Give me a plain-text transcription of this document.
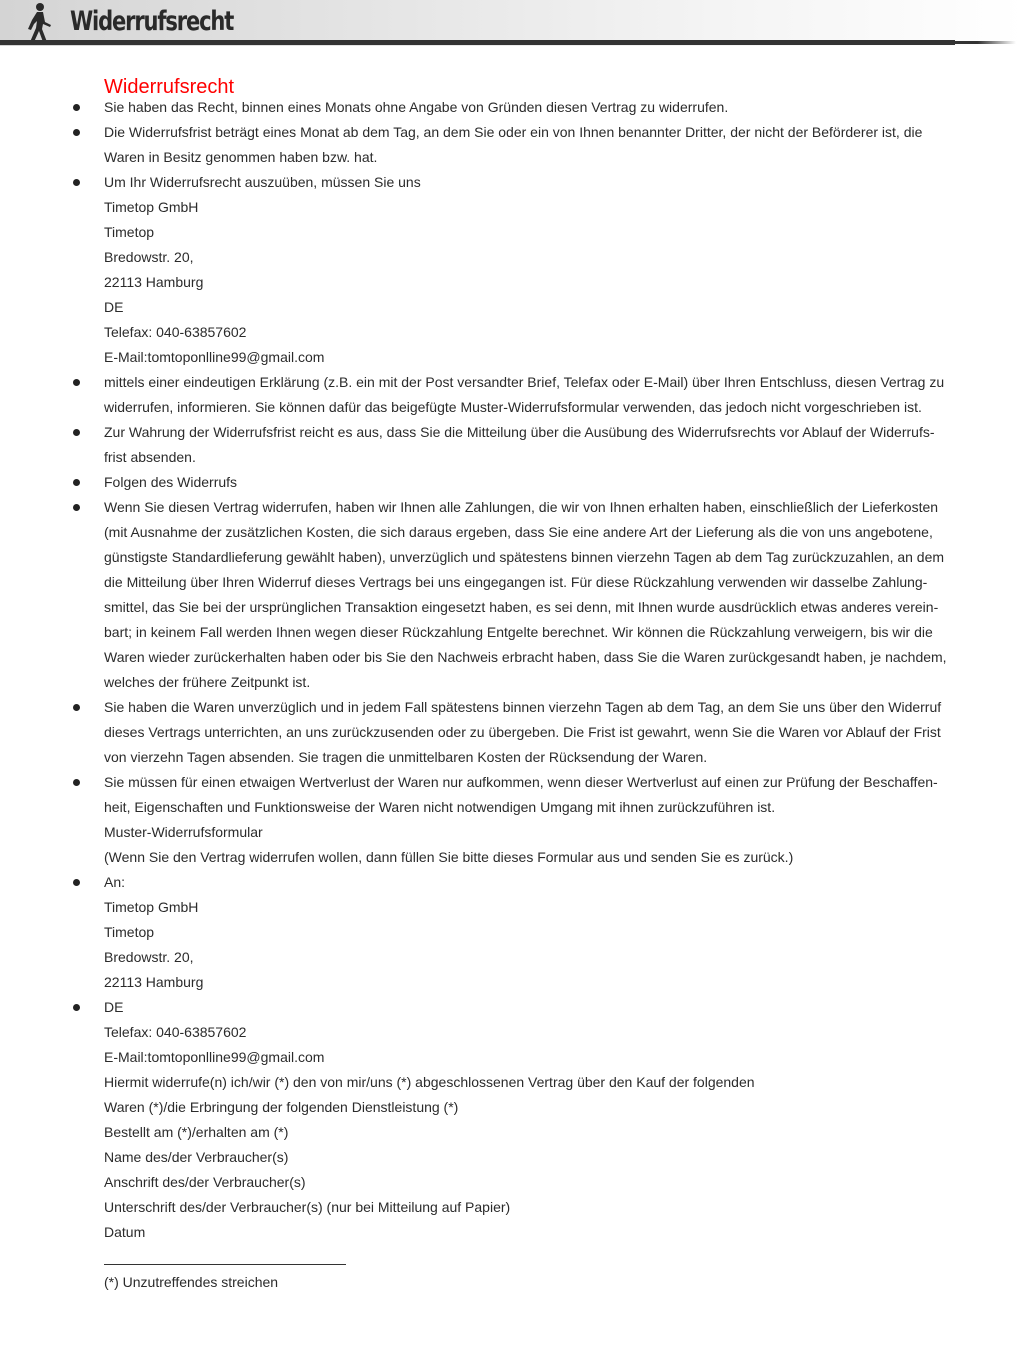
Widerrufsrecht
Widerrufsrecht
Sie haben das Recht, binnen eines Monats ohne Angabe von Gründen diesen Vertrag zu widerrufen.
Die Widerrufsfrist beträgt eines Monat ab dem Tag, an dem Sie oder ein von Ihnen benannter Dritter, der nicht der Beförderer ist, die
Waren in Besitz genommen haben bzw. hat.
Um Ihr Widerrufsrecht auszuüben, müssen Sie uns
Timetop GmbH
Timetop
Bredowstr. 20,
22113 Hamburg
DE
Telefax: 040-63857602
E-Mail:tomtoponlline99@gmail.com
mittels einer eindeutigen Erklärung (z.B. ein mit der Post versandter Brief, Telefax oder E-Mail) über Ihren Entschluss, diesen Vertrag zu
widerrufen, informieren. Sie können dafür das beigefügte Muster-Widerrufsformular verwenden, das jedoch nicht vorgeschrieben ist.
Zur Wahrung der Widerrufsfrist reicht es aus, dass Sie die Mitteilung über die Ausübung des Widerrufsrechts vor Ablauf der Widerrufs-
frist absenden.
Folgen des Widerrufs
Wenn Sie diesen Vertrag widerrufen, haben wir Ihnen alle Zahlungen, die wir von Ihnen erhalten haben, einschließlich der Lieferkosten
(mit Ausnahme der zusätzlichen Kosten, die sich daraus ergeben, dass Sie eine andere Art der Lieferung als die von uns angebotene,
günstigste Standardlieferung gewählt haben), unverzüglich und spätestens binnen vierzehn Tagen ab dem Tag zurückzuzahlen, an dem
die Mitteilung über Ihren Widerruf dieses Vertrags bei uns eingegangen ist. Für diese Rückzahlung verwenden wir dasselbe Zahlung-
smittel, das Sie bei der ursprünglichen Transaktion eingesetzt haben, es sei denn, mit Ihnen wurde ausdrücklich etwas anderes verein-
bart; in keinem Fall werden Ihnen wegen dieser Rückzahlung Entgelte berechnet. Wir können die Rückzahlung verweigern, bis wir die
Waren wieder zurückerhalten haben oder bis Sie den Nachweis erbracht haben, dass Sie die Waren zurückgesandt haben, je nachdem,
welches der frühere Zeitpunkt ist.
Sie haben die Waren unverzüglich und in jedem Fall spätestens binnen vierzehn Tagen ab dem Tag, an dem Sie uns über den Widerruf
dieses Vertrags unterrichten, an uns zurückzusenden oder zu übergeben. Die Frist ist gewahrt, wenn Sie die Waren vor Ablauf der Frist
von vierzehn Tagen absenden. Sie tragen die unmittelbaren Kosten der Rücksendung der Waren.
Sie müssen für einen etwaigen Wertverlust der Waren nur aufkommen, wenn dieser Wertverlust auf einen zur Prüfung der Beschaffen-
heit, Eigenschaften und Funktionsweise der Waren nicht notwendigen Umgang mit ihnen zurückzuführen ist.
Muster-Widerrufsformular
(Wenn Sie den Vertrag widerrufen wollen, dann füllen Sie bitte dieses Formular aus und senden Sie es zurück.)
An:
Timetop GmbH
Timetop
Bredowstr. 20,
22113 Hamburg
DE
Telefax: 040-63857602
E-Mail:tomtoponlline99@gmail.com
Hiermit widerrufe(n) ich/wir (*) den von mir/uns (*) abgeschlossenen Vertrag über den Kauf der folgenden
Waren (*)/die Erbringung der folgenden Dienstleistung (*)
Bestellt am (*)/erhalten am (*)
Name des/der Verbraucher(s)
Anschrift des/der Verbraucher(s)
Unterschrift des/der Verbraucher(s) (nur bei Mitteilung auf Papier)
Datum
(*) Unzutreffendes streichen
